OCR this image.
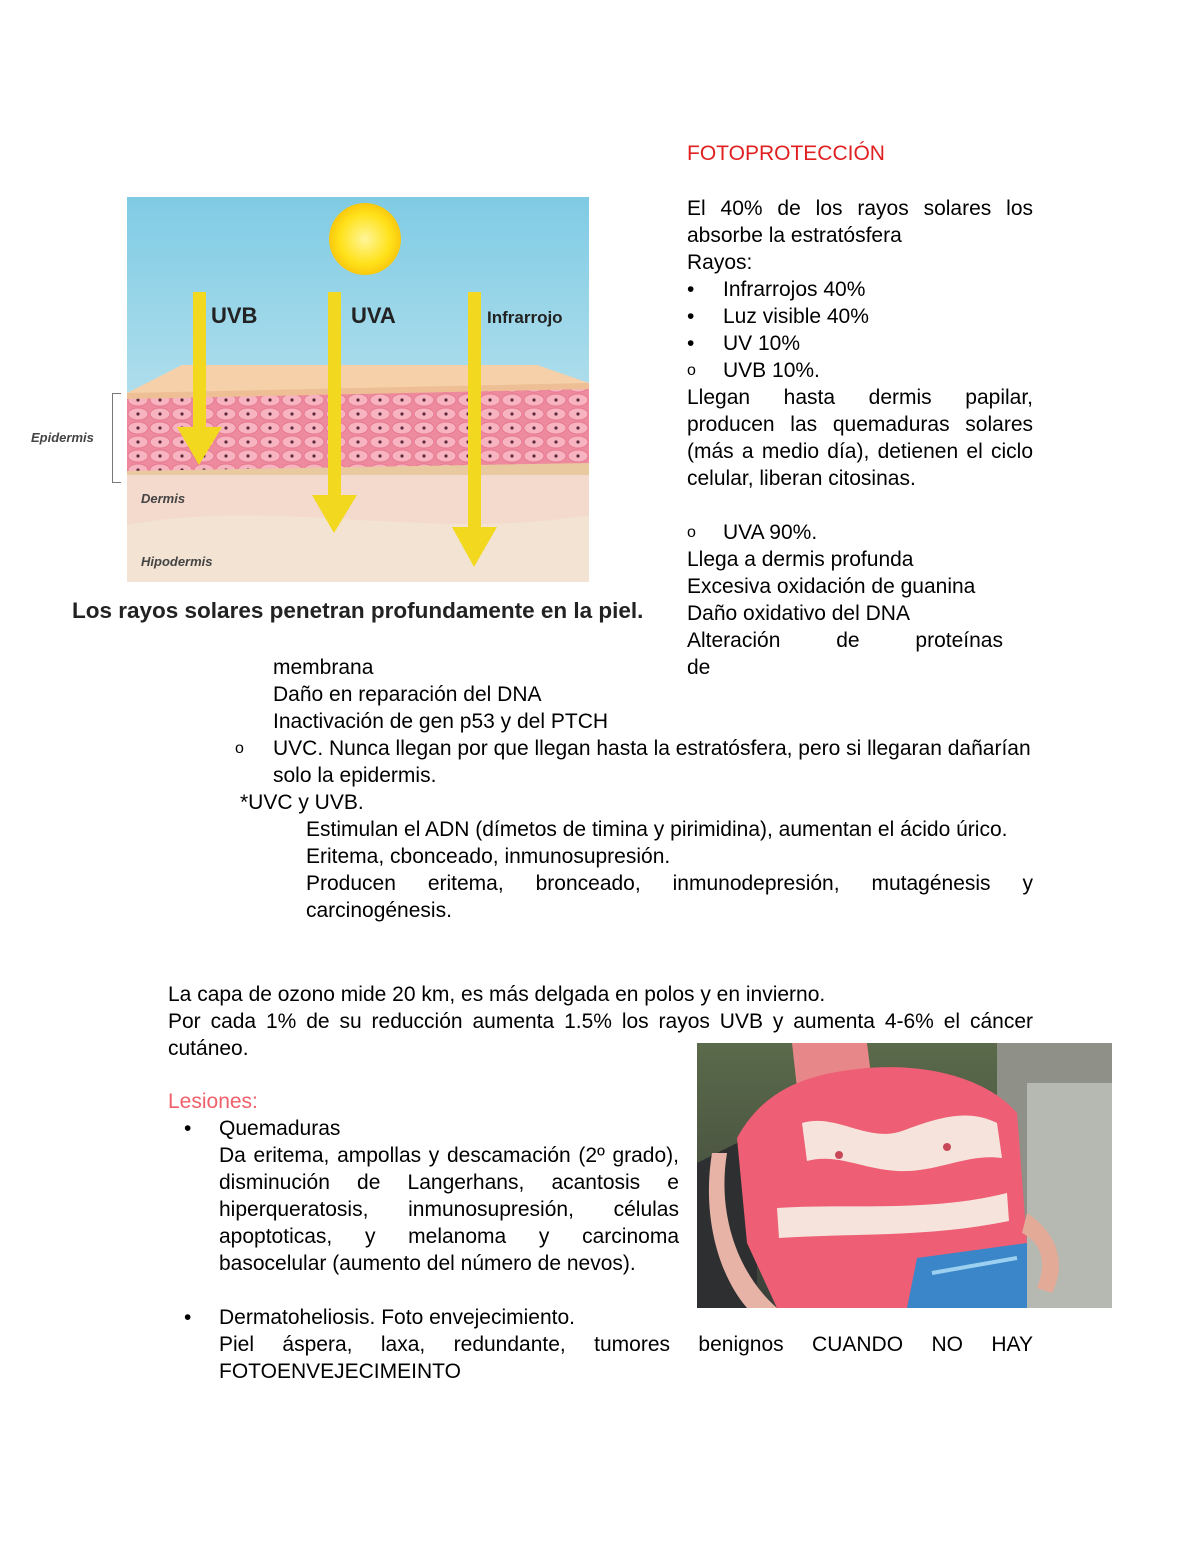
UVB	UVA	Infrarrojo
Dermis
Hipodermis
Epidermis
Los rayos solares penetran profundamente en la piel.
FOTOPROTECCIÓN
El 40% de los rayos solares los absorbe la estratósfera
Rayos:
• Infrarrojos 40%
• Luz visible 40%
• UV 10%
o UVB 10%.
Llegan hasta dermis papilar, producen las quemaduras solares (más a medio día), detienen el ciclo celular, liberan citosinas.
o UVA 90%.
Llega a dermis profunda
Excesiva oxidación de guanina
Daño oxidativo del DNA
Alteración de proteínas de
membrana
Daño en reparación del DNA
Inactivación de gen p53 y del PTCH
o UVC. Nunca llegan por que llegan hasta la estratósfera, pero si llegaran dañarían solo la epidermis.
*UVC y UVB.
Estimulan el ADN (dímetos de timina y pirimidina), aumentan el ácido úrico.
Eritema, cbonceado, inmunosupresión.
Producen eritema, bronceado, inmunodepresión, mutagénesis y carcinogénesis.
La capa de ozono mide 20 km, es más delgada en polos y en invierno.
Por cada 1% de su reducción aumenta 1.5% los rayos UVB y aumenta 4-6% el cáncer cutáneo.
Lesiones:
• Quemaduras
Da eritema, ampollas y descamación (2º grado), disminución de Langerhans, acantosis e hiperqueratosis, inmunosupresión, células apoptoticas, y melanoma y carcinoma basocelular (aumento del número de nevos).
• Dermatoheliosis. Foto envejecimiento.
Piel áspera, laxa, redundante, tumores benignos CUANDO NO HAY FOTOENVEJECIMEINTO
